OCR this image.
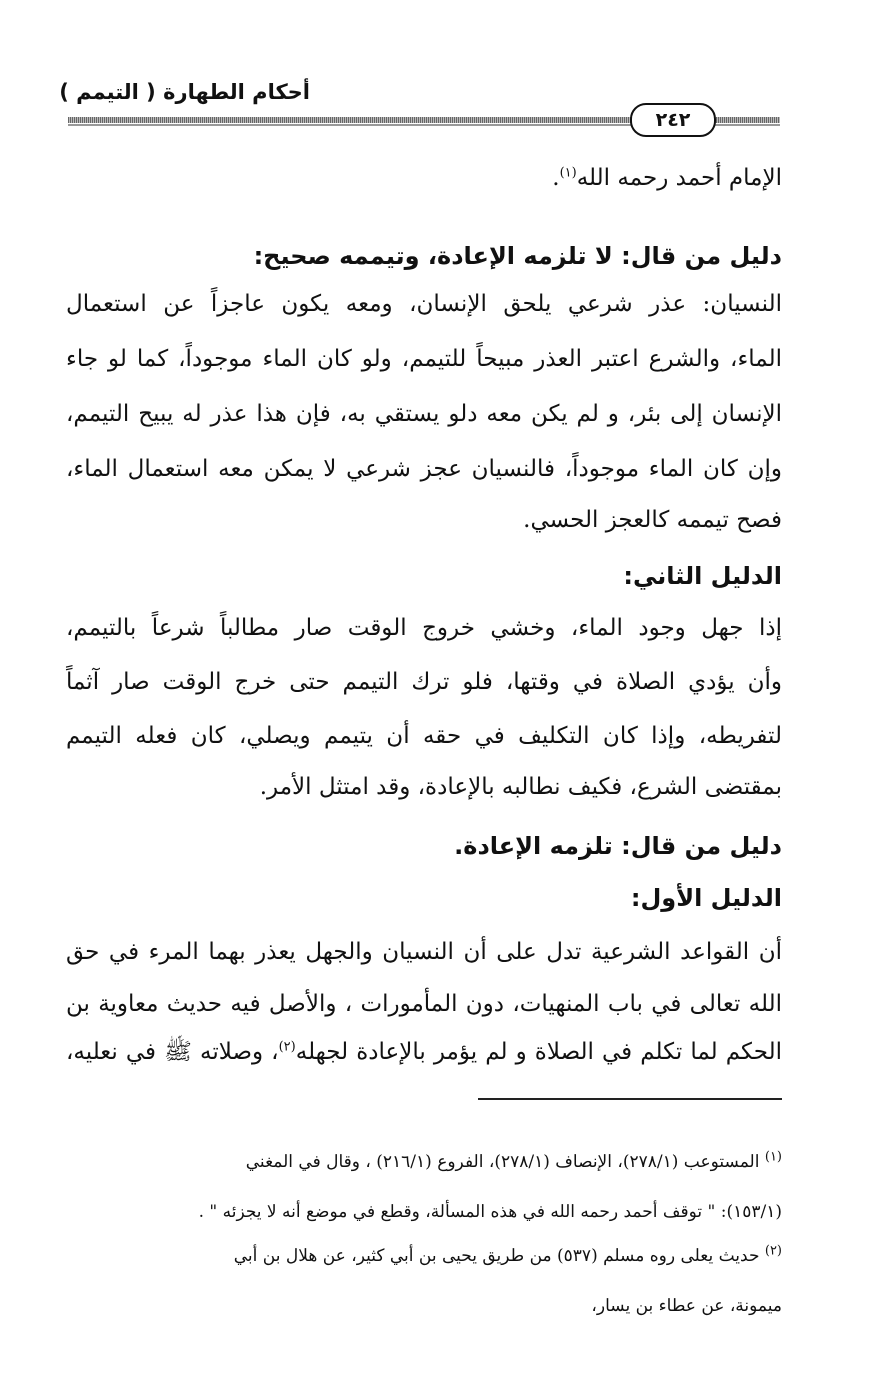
أحكام الطهارة ( التيمم )
٢٤٢
الإمام أحمد رحمه الله$^{(١)}$.
دليل من قال: لا تلزمه الإعادة، وتيممه صحيح:
النسيان: عذر شرعي يلحق الإنسان، ومعه يكون عاجزاً عن استعمال
الماء، والشرع اعتبر العذر مبيحاً للتيمم، ولو كان الماء موجوداً، كما لو جاء
الإنسان إلى بئر، و لم يكن معه دلو يستقي به، فإن هذا عذر له يبيح التيمم،
وإن كان الماء موجوداً، فالنسيان عجز شرعي لا يمكن معه استعمال الماء،
فصح تيممه كالعجز الحسي.
الدليل الثاني:
إذا جهل وجود الماء، وخشي خروج الوقت صار مطالباً شرعاً بالتيمم،
وأن يؤدي الصلاة في وقتها، فلو ترك التيمم حتى خرج الوقت صار آثماً
لتفريطه، وإذا كان التكليف في حقه أن يتيمم ويصلي، كان فعله التيمم
بمقتضى الشرع، فكيف نطالبه بالإعادة، وقد امتثل الأمر.
دليل من قال: تلزمه الإعادة.
الدليل الأول:
أن القواعد الشرعية تدل على أن النسيان والجهل يعذر بهما المرء في حق
الله تعالى في باب المنهيات، دون المأمورات ، والأصل فيه حديث معاوية بن
الحكم لما تكلم في الصلاة و لم يؤمر بالإعادة لجهله$^{(٢)}$، وصلاته ﷺ في نعليه،
$^{(١)}$ المستوعب (٢٧٨/١)، الإنصاف (٢٧٨/١)، الفروع (٢١٦/١) ، وقال في المغني
(١٥٣/١): " توقف أحمد رحمه الله في هذه المسألة، وقطع في موضع أنه لا يجزئه " .
$^{(٢)}$ حديث يعلى روه مسلم (٥٣٧) من طريق يحيى بن أبي كثير، عن هلال بن أبي
ميمونة، عن عطاء بن يسار،
